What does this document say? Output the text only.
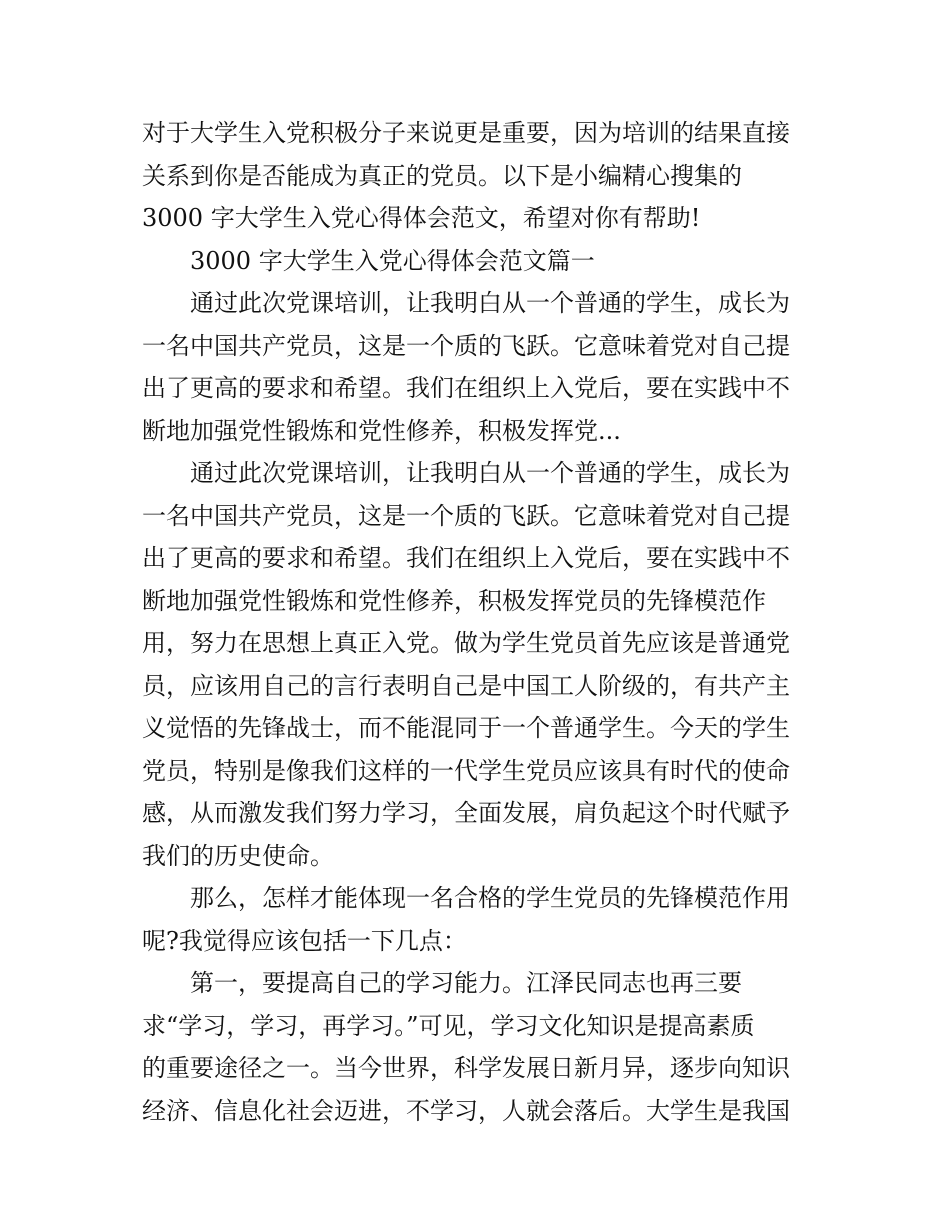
对于大学生入党积极分子来说更是重要，因为培训的结果直接
关系到你是否能成为真正的党员。以下是小编精心搜集的
3000 字大学生入党心得体会范文，希望对你有帮助!
3000 字大学生入党心得体会范文篇一
通过此次党课培训，让我明白从一个普通的学生，成长为
一名中国共产党员，这是一个质的飞跃。它意味着党对自己提
出了更高的要求和希望。我们在组织上入党后，要在实践中不
断地加强党性锻炼和党性修养，积极发挥党...
通过此次党课培训，让我明白从一个普通的学生，成长为
一名中国共产党员，这是一个质的飞跃。它意味着党对自己提
出了更高的要求和希望。我们在组织上入党后，要在实践中不
断地加强党性锻炼和党性修养，积极发挥党员的先锋模范作
用，努力在思想上真正入党。做为学生党员首先应该是普通党
员，应该用自己的言行表明自己是中国工人阶级的，有共产主
义觉悟的先锋战士，而不能混同于一个普通学生。今天的学生
党员，特别是像我们这样的一代学生党员应该具有时代的使命
感，从而激发我们努力学习，全面发展，肩负起这个时代赋予
我们的历史使命。
那么，怎样才能体现一名合格的学生党员的先锋模范作用
呢?我觉得应该包括一下几点：
第一，要提高自己的学习能力。江泽民同志也再三要
求“学习，学习，再学习。”可见，学习文化知识是提高素质
的重要途径之一。当今世界，科学发展日新月异，逐步向知识
经济、信息化社会迈进，不学习，人就会落后。大学生是我国
